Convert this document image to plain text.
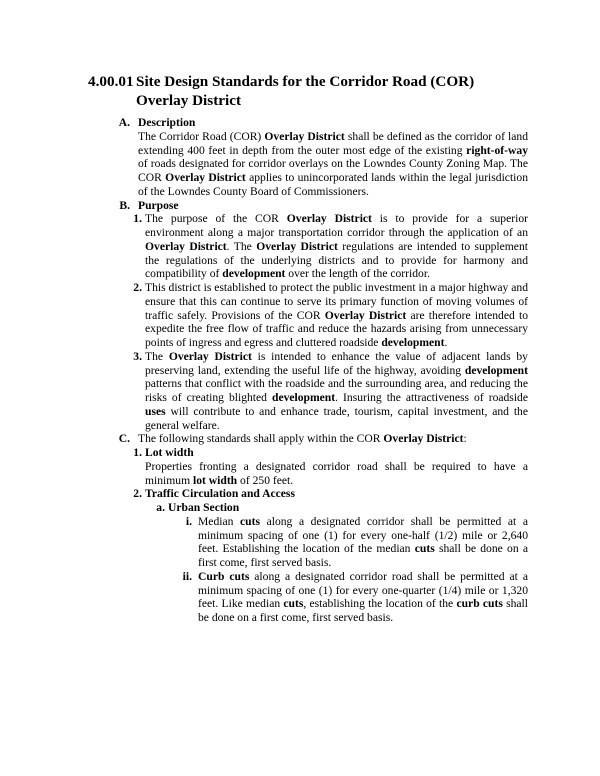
4.00.01 Site Design Standards for the Corridor Road (COR) Overlay District
A. Description
The Corridor Road (COR) Overlay District shall be defined as the corridor of land extending 400 feet in depth from the outer most edge of the existing right-of-way of roads designated for corridor overlays on the Lowndes County Zoning Map. The COR Overlay District applies to unincorporated lands within the legal jurisdiction of the Lowndes County Board of Commissioners.
B. Purpose
1. The purpose of the COR Overlay District is to provide for a superior environment along a major transportation corridor through the application of an Overlay District. The Overlay District regulations are intended to supplement the regulations of the underlying districts and to provide for harmony and compatibility of development over the length of the corridor.
2. This district is established to protect the public investment in a major highway and ensure that this can continue to serve its primary function of moving volumes of traffic safely. Provisions of the COR Overlay District are therefore intended to expedite the free flow of traffic and reduce the hazards arising from unnecessary points of ingress and egress and cluttered roadside development.
3. The Overlay District is intended to enhance the value of adjacent lands by preserving land, extending the useful life of the highway, avoiding development patterns that conflict with the roadside and the surrounding area, and reducing the risks of creating blighted development. Insuring the attractiveness of roadside uses will contribute to and enhance trade, tourism, capital investment, and the general welfare.
C. The following standards shall apply within the COR Overlay District:
1. Lot width
Properties fronting a designated corridor road shall be required to have a minimum lot width of 250 feet.
2. Traffic Circulation and Access
a. Urban Section
i. Median cuts along a designated corridor shall be permitted at a minimum spacing of one (1) for every one-half (1/2) mile or 2,640 feet. Establishing the location of the median cuts shall be done on a first come, first served basis.
ii. Curb cuts along a designated corridor road shall be permitted at a minimum spacing of one (1) for every one-quarter (1/4) mile or 1,320 feet. Like median cuts, establishing the location of the curb cuts shall be done on a first come, first served basis.
